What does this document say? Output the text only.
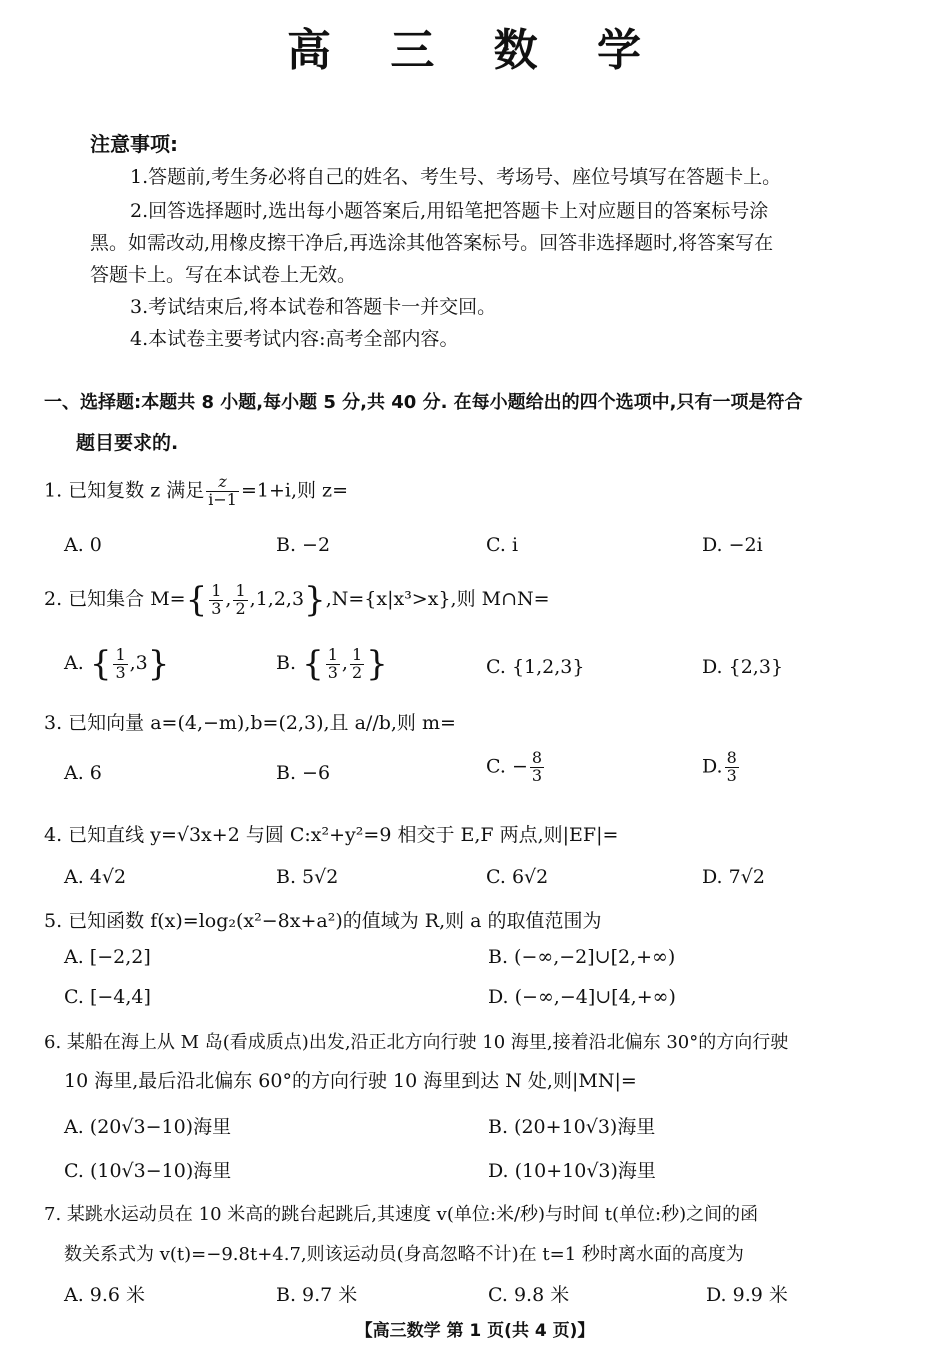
高 三 数 学
注意事项:
1.答题前,考生务必将自己的姓名、考生号、考场号、座位号填写在答题卡上。
2.回答选择题时,选出每小题答案后,用铅笔把答题卡上对应题目的答案标号涂
黑。如需改动,用橡皮擦干净后,再选涂其他答案标号。回答非选择题时,将答案写在
答题卡上。写在本试卷上无效。
3.考试结束后,将本试卷和答题卡一并交回。
4.本试卷主要考试内容:高考全部内容。
一、选择题:本题共 8 小题,每小题 5 分,共 40 分. 在每小题给出的四个选项中,只有一项是符合
题目要求的.
1. 已知复数 z 满足 $\frac{z}{i-1} =1+i$,则 z=
A. 0	B. −2	C. i	D. −2i
2. 已知集合 $M=\{ \frac{1}{3}$ , $\frac{1}{2} ,1,2,3\},N=\{x|x^3>x\}$,则 M∩N=
A. { $\frac{1}{3} ,3$}	B. { $\frac{1}{3}$ , $\frac{1}{2}$ }	C. {1,2,3}	D. {2,3}
3. 已知向量 a=(4,−m),b=(2,3),且 a//b,则 m=
A. 6	B. −6	C. − $\frac{8}{3}$	D. $\frac{8}{3}$
4. 已知直线 y=√3x+2 与圆 C:x²+y²=9 相交于 E,F 两点,则|EF|=
A. 4√2	B. 5√2	C. 6√2	D. 7√2
5. 已知函数 f(x)=log₂(x²−8x+a²)的值域为 R,则 a 的取值范围为
A. [−2,2]	B. (−∞,−2]∪[2,+∞)
C. [−4,4]	D. (−∞,−4]∪[4,+∞)
6. 某船在海上从 M 岛(看成质点)出发,沿正北方向行驶 10 海里,接着沿北偏东 30°的方向行驶
10 海里,最后沿北偏东 60°的方向行驶 10 海里到达 N 处,则|MN|=
A. (20√3−10)海里	B. (20+10√3)海里
C. (10√3−10)海里	D. (10+10√3)海里
7. 某跳水运动员在 10 米高的跳台起跳后,其速度 v(单位:米/秒)与时间 t(单位:秒)之间的函
数关系式为 v(t)=−9.8t+4.7,则该运动员(身高忽略不计)在 t=1 秒时离水面的高度为
A. 9.6 米	B. 9.7 米	C. 9.8 米	D. 9.9 米
【高三数学 第 1 页(共 4 页)】
